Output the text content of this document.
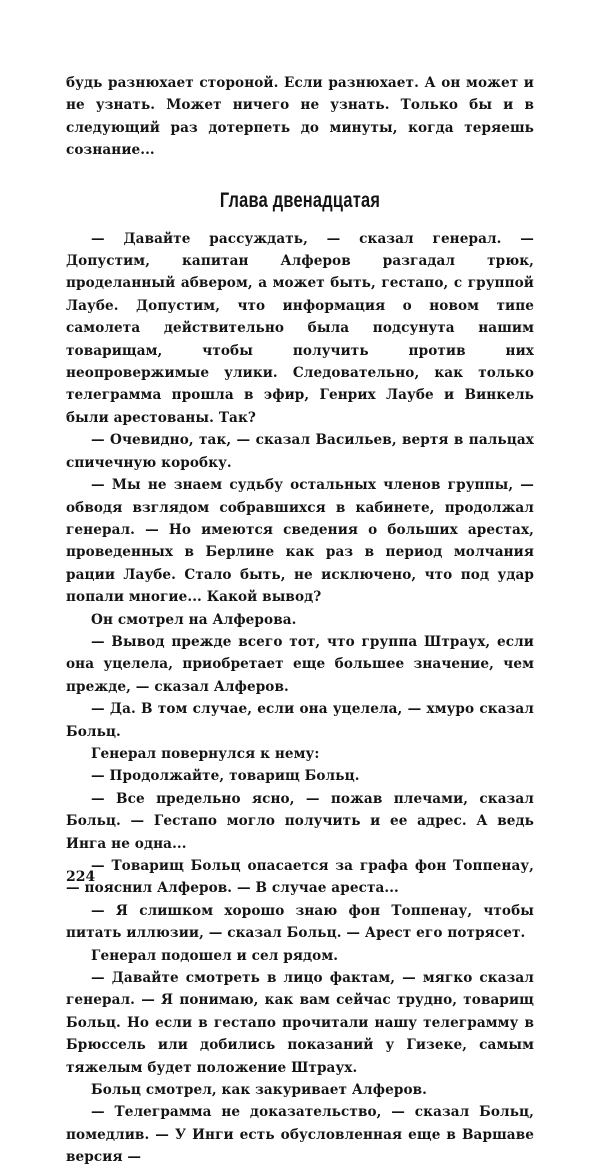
будь разнюхает стороной. Если разнюхает. А он может и не узнать. Может ничего не узнать. Только бы и в следующий раз дотерпеть до минуты, когда теряешь сознание...

Глава двенадцатая

— Давайте рассуждать, — сказал генерал. — Допустим, капитан Алферов разгадал трюк, проделанный абвером, а может быть, гестапо, с группой Лаубе. Допустим, что информация о новом типе самолета действительно была подсунута нашим товарищам, чтобы получить против них неопровержимые улики. Следовательно, как только телеграмма прошла в эфир, Генрих Лаубе и Винкель были арестованы. Так?

— Очевидно, так, — сказал Васильев, вертя в пальцах спичечную коробку.

— Мы не знаем судьбу остальных членов группы, — обводя взглядом собравшихся в кабинете, продолжал генерал. — Но имеются сведения о больших арестах, проведенных в Берлине как раз в период молчания рации Лаубе. Стало быть, не исключено, что под удар попали многие... Какой вывод?

Он смотрел на Алферова.

— Вывод прежде всего тот, что группа Штраух, если она уцелела, приобретает еще большее значение, чем прежде, — сказал Алферов.

— Да. В том случае, если она уцелела, — хмуро сказал Больц.

Генерал повернулся к нему:

— Продолжайте, товарищ Больц.

— Все предельно ясно, — пожав плечами, сказал Больц. — Гестапо могло получить и ее адрес. А ведь Инга не одна...

— Товарищ Больц опасается за графа фон Топпенау, — пояснил Алферов. — В случае ареста...

— Я слишком хорошо знаю фон Топпенау, чтобы питать иллюзии, — сказал Больц. — Арест его потрясет.

Генерал подошел и сел рядом.

— Давайте смотреть в лицо фактам, — мягко сказал генерал. — Я понимаю, как вам сейчас трудно, товарищ Больц. Но если в гестапо прочитали нашу телеграмму в Брюссель или добились показаний у Гизеке, самым тяжелым будет положение Штраух.

Больц смотрел, как закуривает Алферов.

— Телеграмма не доказательство, — сказал Больц, помедлив. — У Инги есть обусловленная еще в Варшаве версия —

224
